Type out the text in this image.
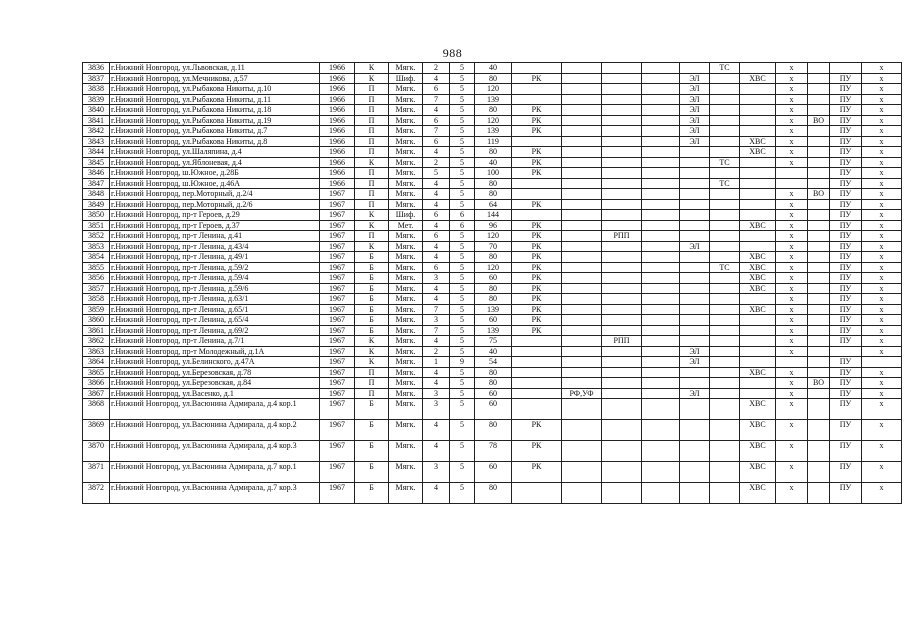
988
3836	г.Нижний Новгород, ул.Львовская, д.11	1966	К	Мягк.	2	5	40						ТС		х			х
3837	г.Нижний Новгород, ул.Мечникова, д.57	1966	К	Шиф.	4	5	80	РК				ЭЛ		ХВС	х		ПУ	х
3838	г.Нижний Новгород, ул.Рыбакова Никиты, д.10	1966	П	Мягк.	6	5	120					ЭЛ			х		ПУ	х
3839	г.Нижний Новгород, ул.Рыбакова Никиты, д.11	1966	П	Мягк.	7	5	139					ЭЛ			х		ПУ	х
3840	г.Нижний Новгород, ул.Рыбакова Никиты, д.18	1966	П	Мягк.	4	5	80	РК				ЭЛ			х		ПУ	х
3841	г.Нижний Новгород, ул.Рыбакова Никиты, д.19	1966	П	Мягк.	6	5	120	РК				ЭЛ			х	ВО	ПУ	х
3842	г.Нижний Новгород, ул.Рыбакова Никиты, д.7	1966	П	Мягк.	7	5	139	РК				ЭЛ			х		ПУ	х
3843	г.Нижний Новгород, ул.Рыбакова Никиты, д.8	1966	П	Мягк.	6	5	119					ЭЛ		ХВС	х		ПУ	х
3844	г.Нижний Новгород, ул.Шаляпина, д.4	1966	П	Мягк.	4	5	80	РК						ХВС	х		ПУ	х
3845	г.Нижний Новгород, ул.Яблоневая, д.4	1966	К	Мягк.	2	5	40	РК					ТС		х		ПУ	х
3846	г.Нижний Новгород, ш.Южное, д.28Б	1966	П	Мягк.	5	5	100	РК									ПУ	х
3847	г.Нижний Новгород, ш.Южное, д.46А	1966	П	Мягк.	4	5	80						ТС				ПУ	х
3848	г.Нижний Новгород, пер.Моторный, д.2/4	1967	П	Мягк.	4	5	80								х	ВО	ПУ	х
3849	г.Нижний Новгород, пер.Моторный, д.2/6	1967	П	Мягк.	4	5	64	РК							х		ПУ	х
3850	г.Нижний Новгород, пр-т Героев, д.29	1967	К	Шиф.	6	6	144								х		ПУ	х
3851	г.Нижний Новгород, пр-т Героев, д.37	1967	К	Мет.	4	6	96	РК						ХВС	х		ПУ	х
3852	г.Нижний Новгород, пр-т Ленина, д.41	1967	П	Мягк.	6	5	120	РК		РПП					х		ПУ	х
3853	г.Нижний Новгород, пр-т Ленина, д.43/4	1967	К	Мягк.	4	5	70	РК				ЭЛ			х		ПУ	х
3854	г.Нижний Новгород, пр-т Ленина, д.49/1	1967	Б	Мягк.	4	5	80	РК						ХВС	х		ПУ	х
3855	г.Нижний Новгород, пр-т Ленина, д.59/2	1967	Б	Мягк.	6	5	120	РК					ТС	ХВС	х		ПУ	х
3856	г.Нижний Новгород, пр-т Ленина, д.59/4	1967	Б	Мягк.	3	5	60	РК						ХВС	х		ПУ	х
3857	г.Нижний Новгород, пр-т Ленина, д.59/6	1967	Б	Мягк.	4	5	80	РК						ХВС	х		ПУ	х
3858	г.Нижний Новгород, пр-т Ленина, д.63/1	1967	Б	Мягк.	4	5	80	РК							х		ПУ	х
3859	г.Нижний Новгород, пр-т Ленина, д.65/1	1967	Б	Мягк.	7	5	139	РК						ХВС	х		ПУ	х
3860	г.Нижний Новгород, пр-т Ленина, д.65/4	1967	Б	Мягк.	3	5	60	РК							х		ПУ	х
3861	г.Нижний Новгород, пр-т Ленина, д.69/2	1967	Б	Мягк.	7	5	139	РК							х		ПУ	х
3862	г.Нижний Новгород, пр-т Ленина, д.7/1	1967	К	Мягк.	4	5	75			РПП					х		ПУ	х
3863	г.Нижний Новгород, пр-т Молодежный, д.1А	1967	К	Мягк.	2	5	40					ЭЛ			х			х
3864	г.Нижний Новгород, ул.Белинского, д.47А	1967	К	Мягк.	1	9	54					ЭЛ					ПУ	
3865	г.Нижний Новгород, ул.Березовская, д.78	1967	П	Мягк.	4	5	80							ХВС	х		ПУ	х
3866	г.Нижний Новгород, ул.Березовская, д.84	1967	П	Мягк.	4	5	80								х	ВО	ПУ	х
3867	г.Нижний Новгород, ул.Васенко, д.1	1967	П	Мягк.	3	5	60		РФ,УФ			ЭЛ			х		ПУ	х
3868	г.Нижний Новгород, ул.Васюнина Адмирала, д.4 кор.1	1967	Б	Мягк.	3	5	60							ХВС	х		ПУ	х
3869	г.Нижний Новгород, ул.Васюнина Адмирала, д.4 кор.2	1967	Б	Мягк.	4	5	80	РК						ХВС	х		ПУ	х
3870	г.Нижний Новгород, ул.Васюнина Адмирала, д.4 кор.3	1967	Б	Мягк.	4	5	78	РК						ХВС	х		ПУ	х
3871	г.Нижний Новгород, ул.Васюнина Адмирала, д.7 кор.1	1967	Б	Мягк.	3	5	60	РК						ХВС	х		ПУ	х
3872	г.Нижний Новгород, ул.Васюнина Адмирала, д.7 кор.3	1967	Б	Мягк.	4	5	80							ХВС	х		ПУ	х
